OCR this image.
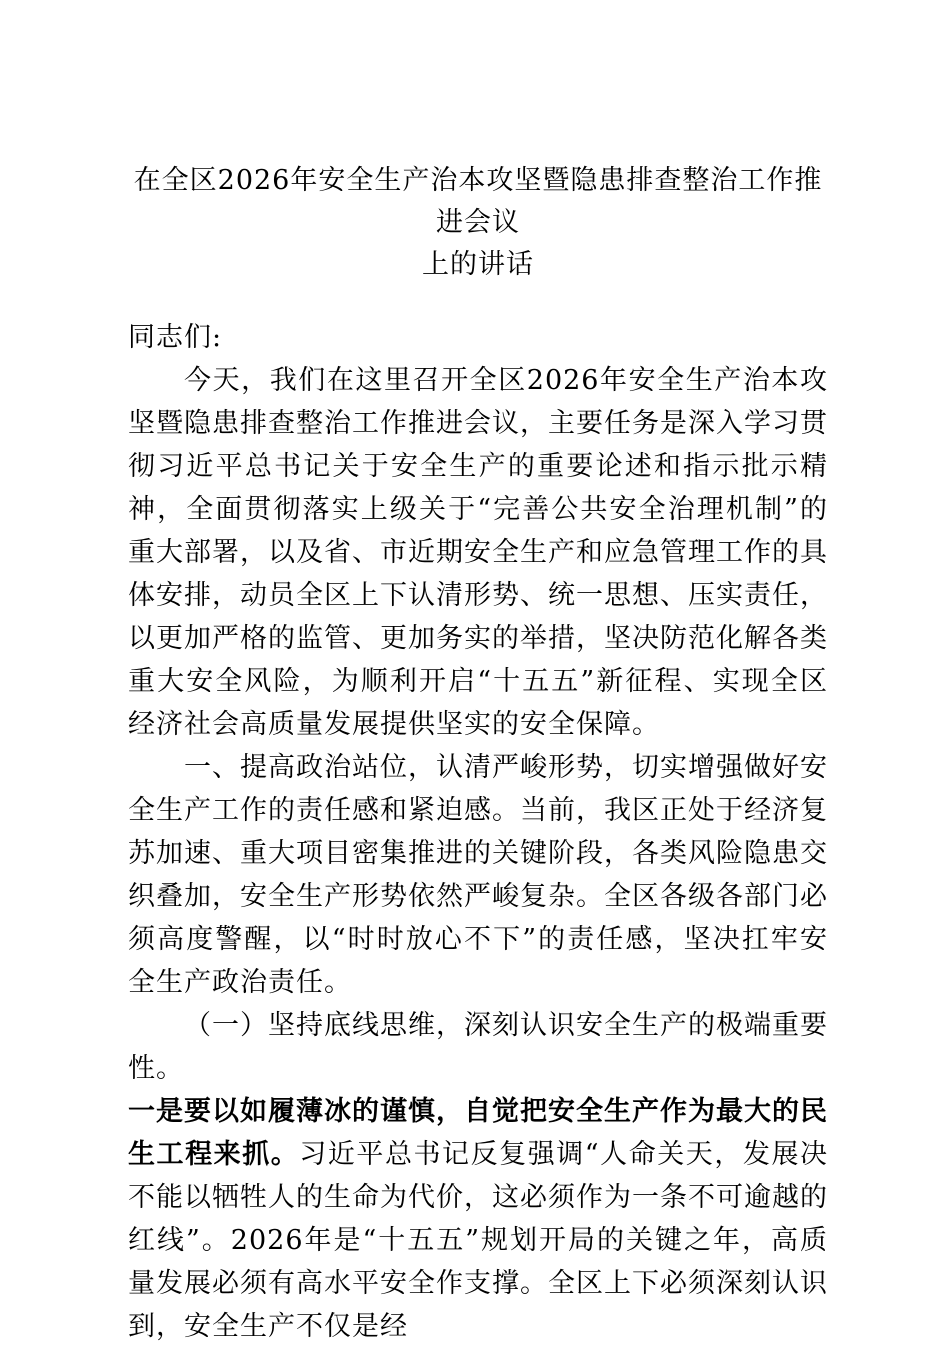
在全区2026年安全生产治本攻坚暨隐患排查整治工作推进会议
上的讲话

同志们:

今天，我们在这里召开全区2026年安全生产治本攻坚暨隐患排查整治工作推进会议，主要任务是深入学习贯彻习近平总书记关于安全生产的重要论述和指示批示精神，全面贯彻落实上级关于“完善公共安全治理机制”的重大部署，以及省、市近期安全生产和应急管理工作的具体安排，动员全区上下认清形势、统一思想、压实责任，以更加严格的监管、更加务实的举措，坚决防范化解各类重大安全风险，为顺利开启“十五五”新征程、实现全区经济社会高质量发展提供坚实的安全保障。

一、提高政治站位，认清严峻形势，切实增强做好安全生产工作的责任感和紧迫感。当前，我区正处于经济复苏加速、重大项目密集推进的关键阶段，各类风险隐患交织叠加，安全生产形势依然严峻复杂。全区各级各部门必须高度警醒，以“时时放心不下”的责任感，坚决扛牢安全生产政治责任。

（一）坚持底线思维，深刻认识安全生产的极端重要性。

一是要以如履薄冰的谨慎，自觉把安全生产作为最大的民生工程来抓。习近平总书记反复强调“人命关天，发展决不能以牺牲人的生命为代价，这必须作为一条不可逾越的红线”。2026年是“十五五”规划开局的关键之年，高质量发展必须有高水平安全作支撑。全区上下必须深刻认识到，安全生产不仅是经
